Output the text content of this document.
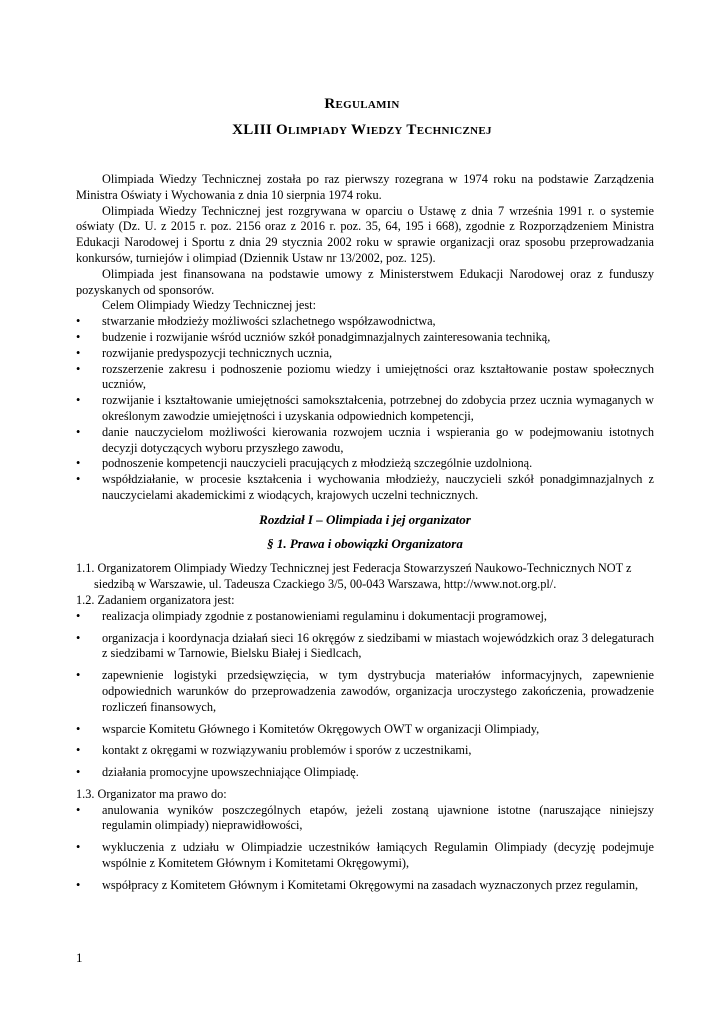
Regulamin
XLIII Olimpiady Wiedzy Technicznej

Olimpiada Wiedzy Technicznej została po raz pierwszy rozegrana w 1974 roku na podstawie Zarządzenia Ministra Oświaty i Wychowania z dnia 10 sierpnia 1974 roku.

Olimpiada Wiedzy Technicznej jest rozgrywana w oparciu o Ustawę z dnia 7 września 1991 r. o systemie oświaty (Dz. U. z 2015 r. poz. 2156 oraz z 2016 r. poz. 35, 64, 195 i 668), zgodnie z Rozporządzeniem Ministra Edukacji Narodowej i Sportu z dnia 29 stycznia 2002 roku w sprawie organizacji oraz sposobu przeprowadzania konkursów, turniejów i olimpiad (Dziennik Ustaw nr 13/2002, poz. 125).

Olimpiada jest finansowana na podstawie umowy z Ministerstwem Edukacji Narodowej oraz z funduszy pozyskanych od sponsorów.

Celem Olimpiady Wiedzy Technicznej jest:

• stwarzanie młodzieży możliwości szlachetnego współzawodnictwa,
• budzenie i rozwijanie wśród uczniów szkół ponadgimnazjalnych zainteresowania techniką,
• rozwijanie predyspozycji technicznych ucznia,
• rozszerzenie zakresu i podnoszenie poziomu wiedzy i umiejętności oraz kształtowanie postaw społecznych uczniów,
• rozwijanie i kształtowanie umiejętności samokształcenia, potrzebnej do zdobycia przez ucznia wymaganych w określonym zawodzie umiejętności i uzyskania odpowiednich kompetencji,
• danie nauczycielom możliwości kierowania rozwojem ucznia i wspierania go w podejmowaniu istotnych decyzji dotyczących wyboru przyszłego zawodu,
• podnoszenie kompetencji nauczycieli pracujących z młodzieżą szczególnie uzdolnioną.
• współdziałanie, w procesie kształcenia i wychowania młodzieży, nauczycieli szkół ponadgimnazjalnych z nauczycielami akademickimi z wiodących, krajowych uczelni technicznych.
Rozdział I – Olimpiada i jej organizator
§ 1. Prawa i obowiązki Organizatora

1.1. Organizatorem Olimpiady Wiedzy Technicznej jest Federacja Stowarzyszeń Naukowo-Technicznych NOT z siedzibą w Warszawie, ul. Tadeusza Czackiego 3/5, 00-043 Warszawa, http://www.not.org.pl/.

1.2. Zadaniem organizatora jest:

• realizacja olimpiady zgodnie z postanowieniami regulaminu i dokumentacji programowej,
• organizacja i koordynacja działań sieci 16 okręgów z siedzibami w miastach wojewódzkich oraz 3 delegaturach z siedzibami w Tarnowie, Bielsku Białej i Siedlcach,
• zapewnienie logistyki przedsięwzięcia, w tym dystrybucja materiałów informacyjnych, zapewnienie odpowiednich warunków do przeprowadzenia zawodów, organizacja uroczystego zakończenia, prowadzenie rozliczeń finansowych,
• wsparcie Komitetu Głównego i Komitetów Okręgowych OWT w organizacji Olimpiady,
• kontakt z okręgami w rozwiązywaniu problemów i sporów z uczestnikami,
• działania promocyjne upowszechniające Olimpiadę.

1.3. Organizator ma prawo do:

• anulowania wyników poszczególnych etapów, jeżeli zostaną ujawnione istotne (naruszające niniejszy regulamin olimpiady) nieprawidłowości,
• wykluczenia z udziału w Olimpiadzie uczestników łamiących Regulamin Olimpiady (decyzję podejmuje wspólnie z Komitetem Głównym i Komitetami Okręgowymi),
• współpracy z Komitetem Głównym i Komitetami Okręgowymi na zasadach wyznaczonych przez regulamin,
1
